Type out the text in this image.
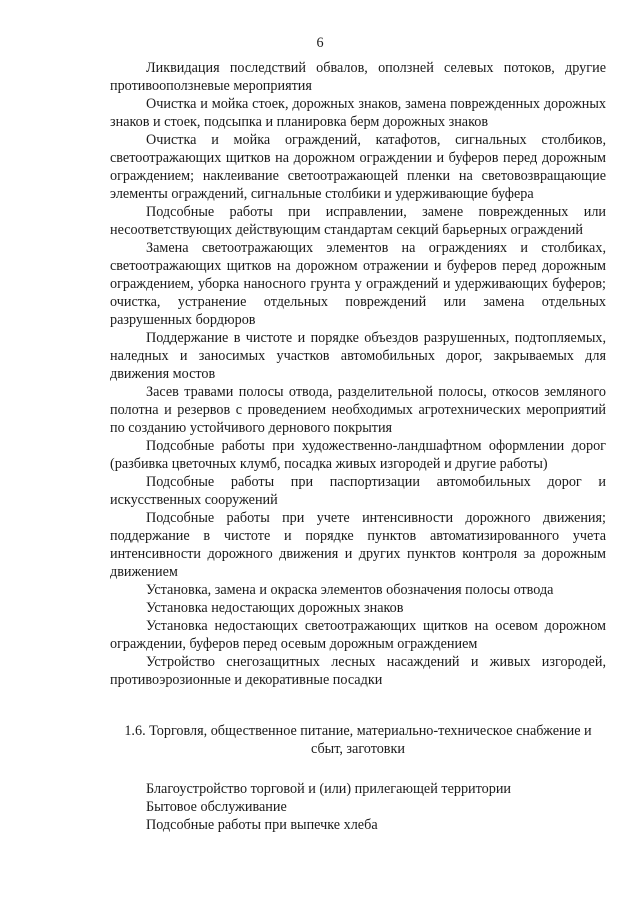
6

Ликвидация последствий обвалов, оползней селевых потоков, другие противооползневые мероприятия

Очистка и мойка стоек, дорожных знаков, замена поврежденных дорожных знаков и стоек, подсыпка и планировка берм дорожных знаков

Очистка и мойка ограждений, катафотов, сигнальных столбиков, светоотражающих щитков на дорожном ограждении и буферов перед дорожным ограждением; наклеивание светоотражающей пленки на световозвращающие элементы ограждений, сигнальные столбики и удерживающие буфера

Подсобные работы при исправлении, замене поврежденных или несоответствующих действующим стандартам секций барьерных ограждений

Замена светоотражающих элементов на ограждениях и столбиках, светоотражающих щитков на дорожном отражении и буферов перед дорожным ограждением, уборка наносного грунта у ограждений и удерживающих буферов; очистка, устранение отдельных повреждений или замена отдельных разрушенных бордюров

Поддержание в чистоте и порядке объездов разрушенных, подтопляемых, наледных и заносимых участков автомобильных дорог, закрываемых для движения мостов

Засев травами полосы отвода, разделительной полосы, откосов земляного полотна и резервов с проведением необходимых агротехнических мероприятий по созданию устойчивого дернового покрытия

Подсобные работы при художественно-ландшафтном оформлении дорог (разбивка цветочных клумб, посадка живых изгородей и другие работы)

Подсобные работы при паспортизации автомобильных дорог и искусственных сооружений

Подсобные работы при учете интенсивности дорожного движения; поддержание в чистоте и порядке пунктов автоматизированного учета интенсивности дорожного движения и других пунктов контроля за дорожным движением

Установка, замена и окраска элементов обозначения полосы отвода

Установка недостающих дорожных знаков

Установка недостающих светоотражающих щитков на осевом дорожном ограждении, буферов перед осевым дорожным ограждением

Устройство снегозащитных лесных насаждений и живых изгородей, противоэрозионные и декоративные посадки

1.6. Торговля, общественное питание, материально-техническое снабжение и сбыт, заготовки

Благоустройство торговой и (или) прилегающей территории

Бытовое обслуживание

Подсобные работы при выпечке хлеба
